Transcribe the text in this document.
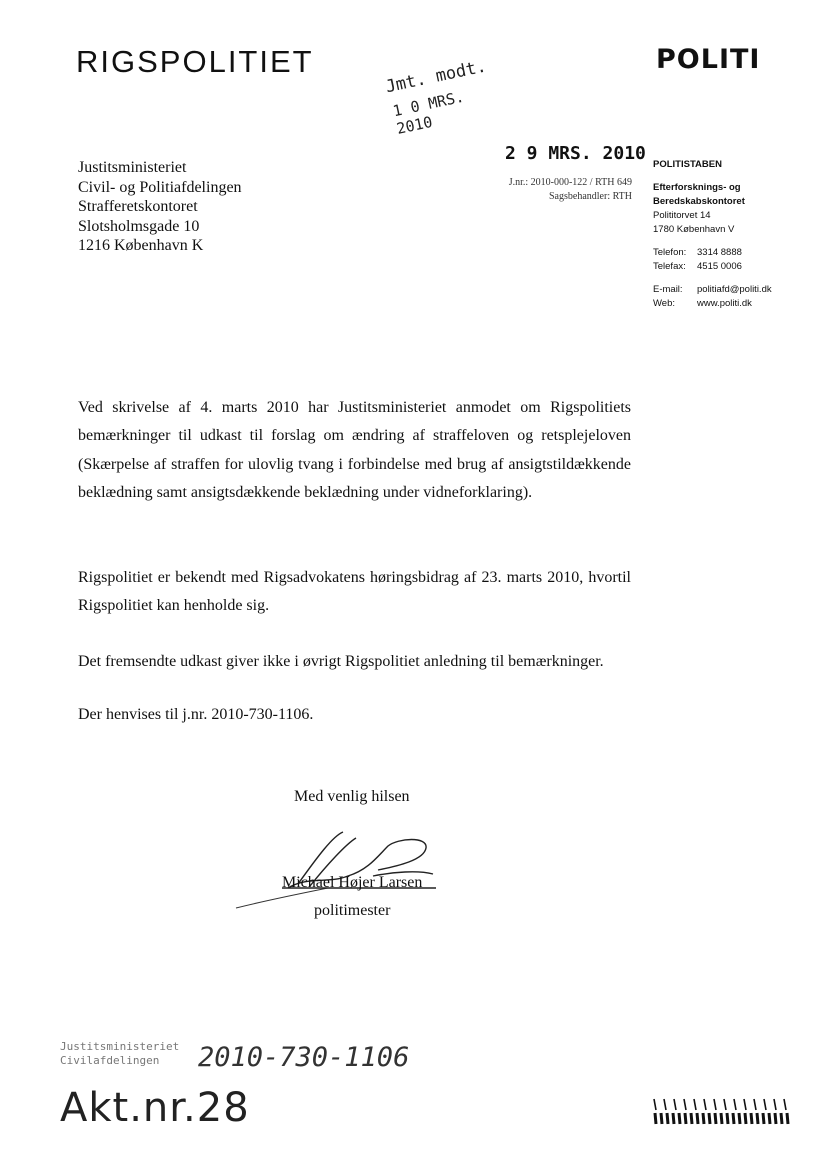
RIGSPOLITIET	POLITI
Jmt. modt.
1 0 MRS. 2010
2 9 MRS. 2010
Justitsministeriet
Civil- og Politiafdelingen
Strafferetskontoret
Slotsholmsgade 10
1216 København K
J.nr.: 2010-000-122 / RTH 649
Sagsbehandler: RTH
POLITISTABEN
Efterforsknings- og Beredskabskontoret
Polititorvet 14
1780 København V
Telefon:	3314 8888
Telefax:	4515 0006
E-mail:	politiafd@politi.dk
Web:	www.politi.dk

Ved skrivelse af 4. marts 2010 har Justitsministeriet anmodet om Rigspolitiets bemærkninger til udkast til forslag om ændring af straffeloven og retsplejeloven (Skærpelse af straffen for ulovlig tvang i forbindelse med brug af ansigtstildækkende beklædning samt ansigtsdækkende beklædning under vidneforklaring).

Rigspolitiet er bekendt med Rigsadvokatens høringsbidrag af 23. marts 2010, hvortil Rigspolitiet kan henholde sig.

Det fremsendte udkast giver ikke i øvrigt Rigspolitiet anledning til bemærkninger.

Der henvises til j.nr. 2010-730-1106.

Med venlig hilsen
Michael Højer Larsen
politimester
Justitsministeriet
Civilafdelingen 2010-730-1106
Akt.nr.28
